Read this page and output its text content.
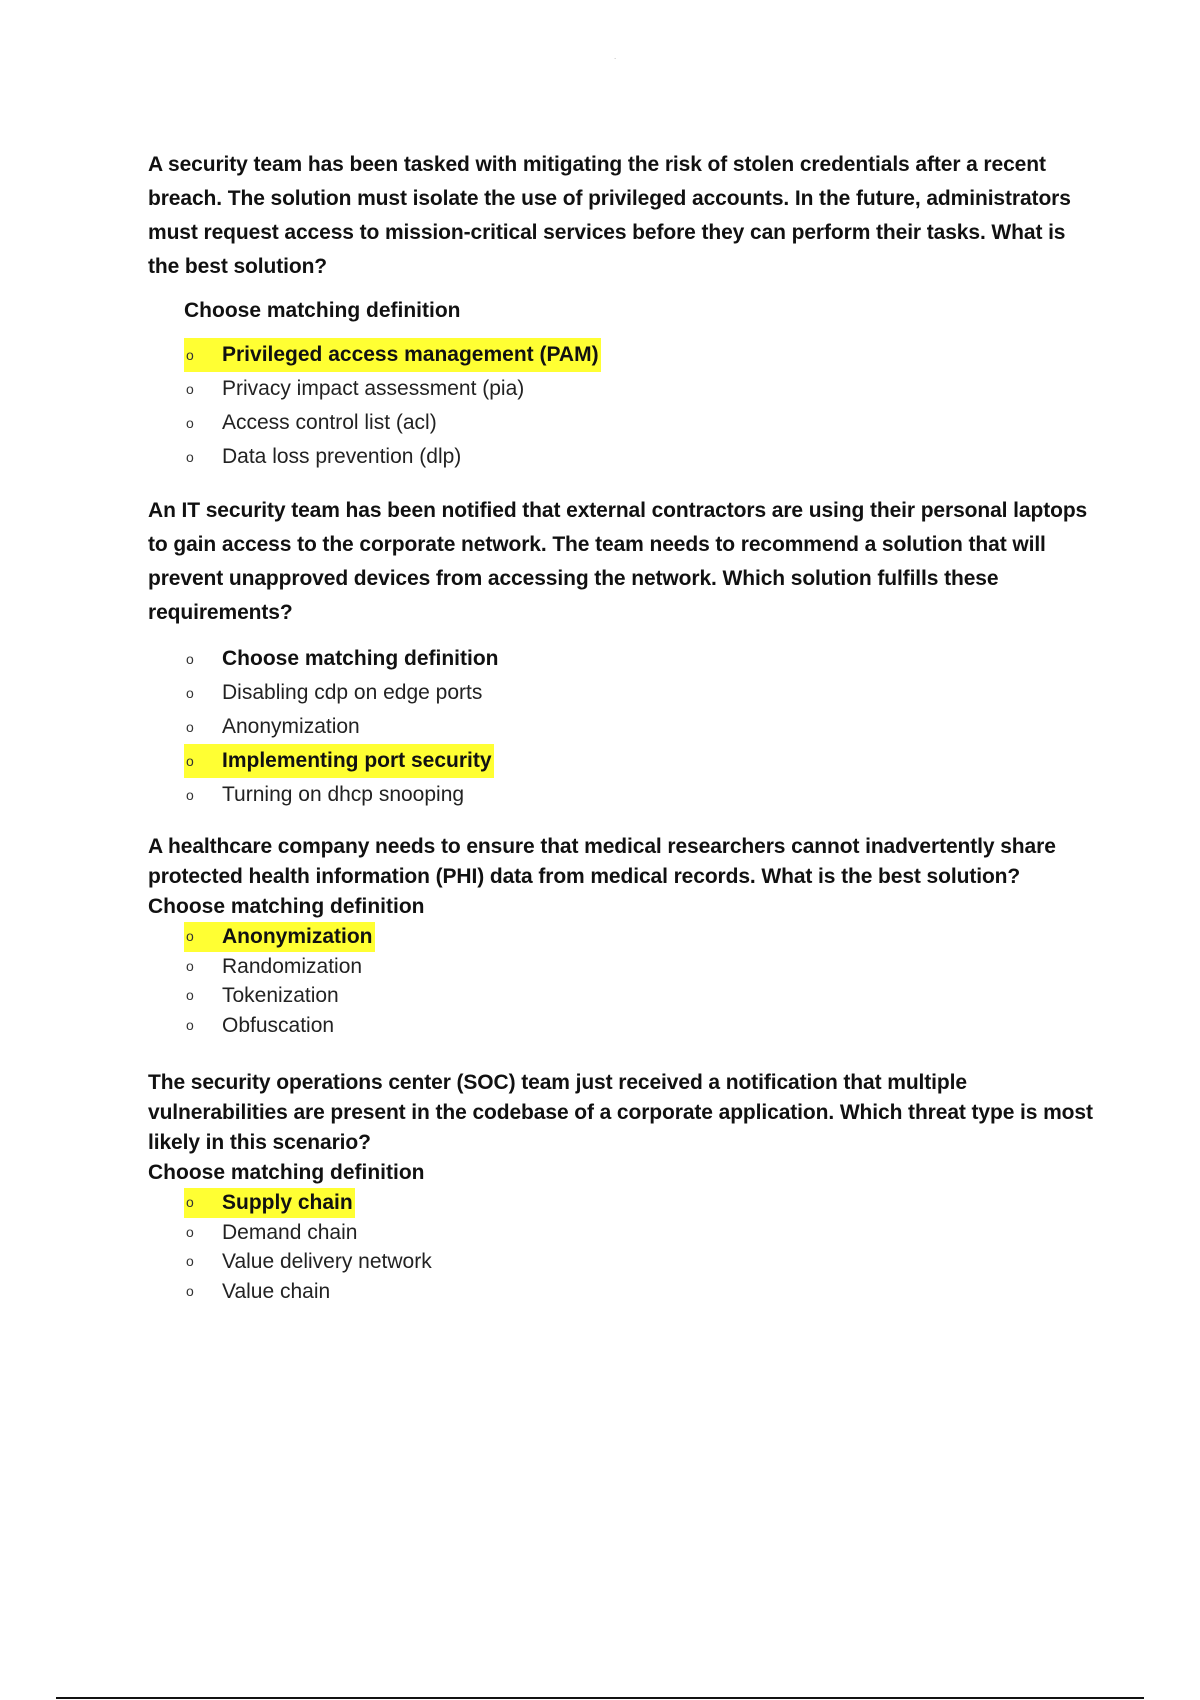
.

A security team has been tasked with mitigating the risk of stolen credentials after a recent breach. The solution must isolate the use of privileged accounts. In the future, administrators must request access to mission-critical services before they can perform their tasks. What is the best solution?

Choose matching definition
o
Privileged access management (PAM)
o
Privacy impact assessment (pia)
o
Access control list (acl)
o
Data loss prevention (dlp)

An IT security team has been notified that external contractors are using their personal laptops to gain access to the corporate network. The team needs to recommend a solution that will prevent unapproved devices from accessing the network. Which solution fulfills these requirements?

o
Choose matching definition
o
Disabling cdp on edge ports
o
Anonymization
o
Implementing port security
o
Turning on dhcp snooping

A healthcare company needs to ensure that medical researchers cannot inadvertently share protected health information (PHI) data from medical records. What is the best solution?

Choose matching definition
o
Anonymization
o
Randomization
o
Tokenization
o
Obfuscation

The security operations center (SOC) team just received a notification that multiple vulnerabilities are present in the codebase of a corporate application. Which threat type is most likely in this scenario?

Choose matching definition
o
Supply chain
o
Demand chain
o
Value delivery network
o
Value chain
